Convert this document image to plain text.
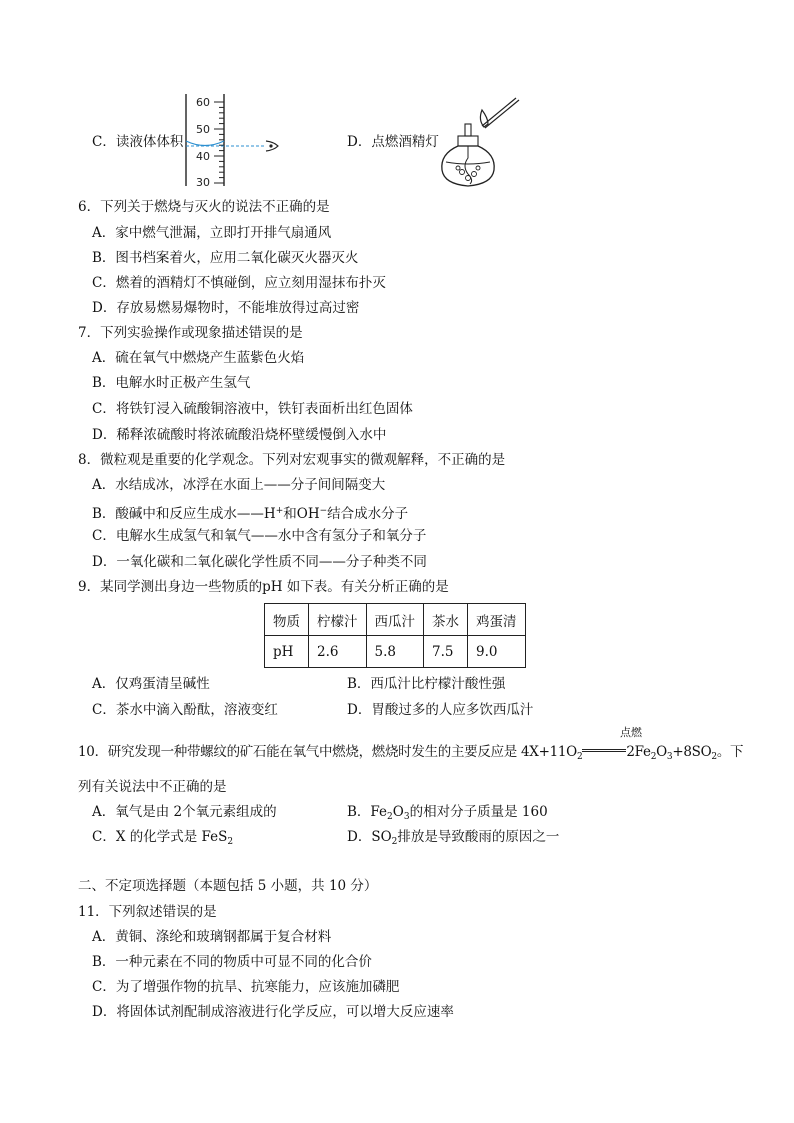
C．读液体体积
60
50
40
30
D．点燃酒精灯
6．下列关于燃烧与灭火的说法不正确的是
A．家中燃气泄漏，立即打开排气扇通风
B．图书档案着火，应用二氧化碳灭火器灭火
C．燃着的酒精灯不慎碰倒，应立刻用湿抹布扑灭
D．存放易燃易爆物时，不能堆放得过高过密
7．下列实验操作或现象描述错误的是
A．硫在氧气中燃烧产生蓝紫色火焰
B．电解水时正极产生氢气
C．将铁钉浸入硫酸铜溶液中，铁钉表面析出红色固体
D．稀释浓硫酸时将浓硫酸沿烧杯壁缓慢倒入水中
8．微粒观是重要的化学观念。下列对宏观事实的微观解释，不正确的是
A．水结成冰，冰浮在水面上——分子间间隔变大
B．酸碱中和反应生成水——H+和OH−结合成水分子
C．电解水生成氢气和氧气——水中含有氢分子和氧分子
D．一氧化碳和二氧化碳化学性质不同——分子种类不同
9．某同学测出身边一些物质的pH 如下表。有关分析正确的是
物质	柠檬汁	西瓜汁	茶水	鸡蛋清
pH	2.6	5.8	7.5	9.0
A．仅鸡蛋清呈碱性	B．西瓜汁比柠檬汁酸性强
C．茶水中滴入酚酞，溶液变红	D．胃酸过多的人应多饮西瓜汁
10．研究发现一种带螺纹的矿石能在氧气中燃烧，燃烧时发生的主要反应是 $4X+11O_2$	$2Fe_2O_3+8SO_2$。下
点燃
列有关说法中不正确的是
A．氧气是由 2个氧元素组成的	B．$Fe_2O_3$的相对分子质量是 160
C．X 的化学式是 FeS$_2$	D．$SO_2$排放是导致酸雨的原因之一
二、不定项选择题（本题包括 5 小题，共 10 分）
11．下列叙述错误的是
A．黄铜、涤纶和玻璃钢都属于复合材料
B．一种元素在不同的物质中可显不同的化合价
C．为了增强作物的抗旱、抗寒能力，应该施加磷肥
D．将固体试剂配制成溶液进行化学反应，可以增大反应速率
